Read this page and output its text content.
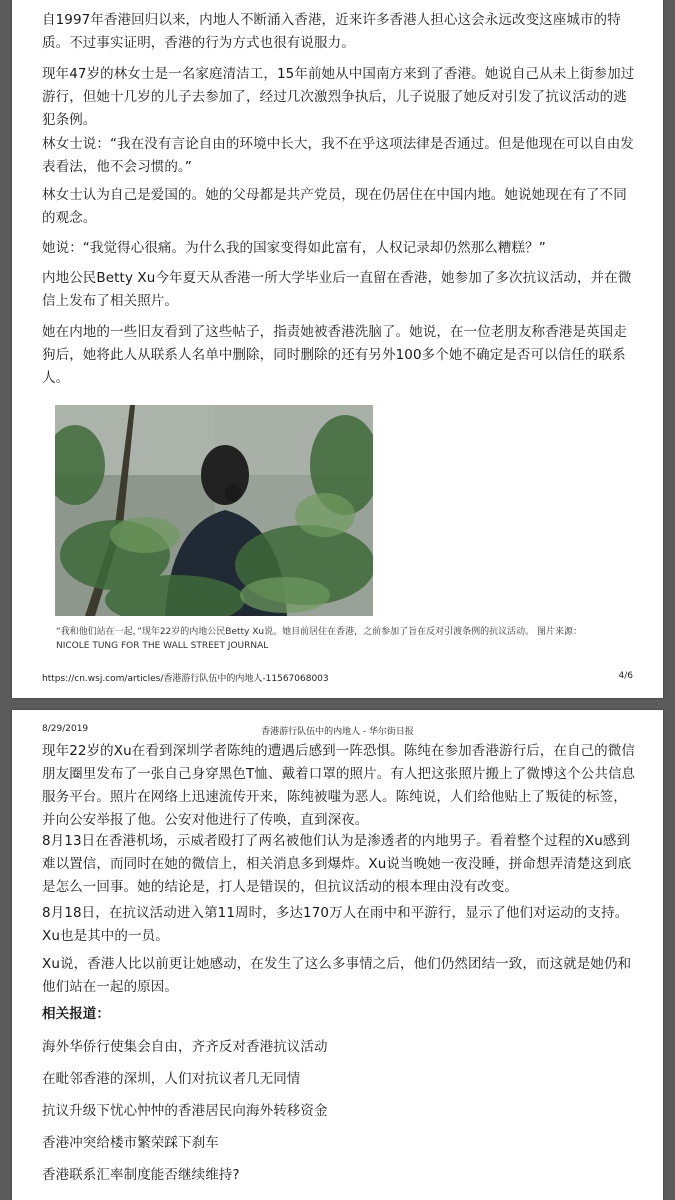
自1997年香港回归以来，内地人不断涌入香港，近来许多香港人担心这会永远改变这座城市的特质。不过事实证明，香港的行为方式也很有说服力。

现年47岁的林女士是一名家庭清洁工，15年前她从中国南方来到了香港。她说自己从未上街参加过游行，但她十几岁的儿子去参加了，经过几次激烈争执后，儿子说服了她反对引发了抗议活动的逃犯条例。

林女士说：“我在没有言论自由的环境中长大，我不在乎这项法律是否通过。但是他现在可以自由发表看法，他不会习惯的。”

林女士认为自己是爱国的。她的父母都是共产党员，现在仍居住在中国内地。她说她现在有了不同的观念。

她说：“我觉得心很痛。为什么我的国家变得如此富有，人权记录却仍然那么糟糕？”

内地公民Betty Xu今年夏天从香港一所大学毕业后一直留在香港，她参加了多次抗议活动，并在微信上发布了相关照片。

她在内地的一些旧友看到了这些帖子，指责她被香港洗脑了。她说，在一位老朋友称香港是英国走狗后，她将此人从联系人名单中删除，同时删除的还有另外100多个她不确定是否可以信任的联系人。

“我和他们站在一起，”现年22岁的内地公民Betty Xu说。她目前居住在香港，之前参加了旨在反对引渡条例的抗议活动。 图片来源： NICOLE TUNG FOR THE WALL STREET JOURNAL

https://cn.wsj.com/articles/香港游行队伍中的内地人-11567068003	4/6
8/29/2019	香港游行队伍中的内地人 - 华尔街日报

现年22岁的Xu在看到深圳学者陈纯的遭遇后感到一阵恐惧。陈纯在参加香港游行后，在自己的微信朋友圈里发布了一张自己身穿黑色T恤、戴着口罩的照片。有人把这张照片搬上了微博这个公共信息服务平台。照片在网络上迅速流传开来，陈纯被嗤为恶人。陈纯说，人们给他贴上了叛徒的标签，并向公安举报了他。公安对他进行了传唤，直到深夜。

8月13日在香港机场，示威者殴打了两名被他们认为是渗透者的内地男子。看着整个过程的Xu感到难以置信，而同时在她的微信上，相关消息多到爆炸。Xu说当晚她一夜没睡，拼命想弄清楚这到底是怎么一回事。她的结论是，打人是错误的，但抗议活动的根本理由没有改变。

8月18日，在抗议活动进入第11周时，多达170万人在雨中和平游行，显示了他们对运动的支持。Xu也是其中的一员。

Xu说，香港人比以前更让她感动，在发生了这么多事情之后，他们仍然团结一致，而这就是她仍和他们站在一起的原因。

相关报道：

海外华侨行使集会自由，齐齐反对香港抗议活动

在毗邻香港的深圳，人们对抗议者几无同情

抗议升级下忧心忡忡的香港居民向海外转移资金

香港冲突给楼市繁荣踩下刹车

香港联系汇率制度能否继续维持?
